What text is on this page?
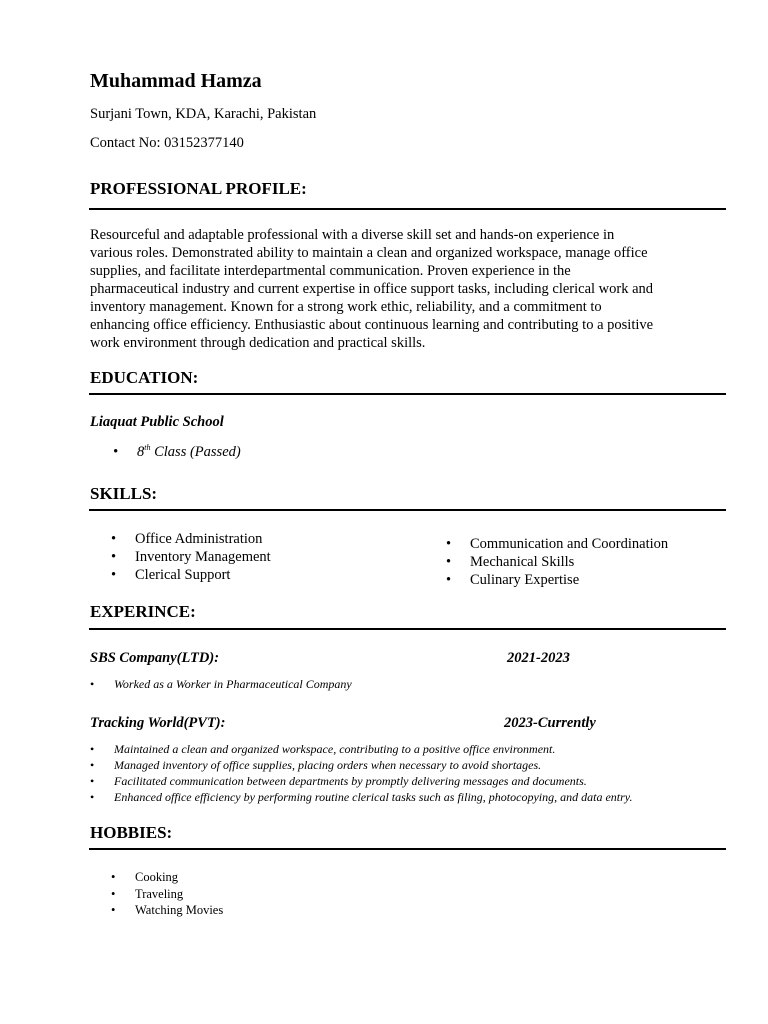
Muhammad Hamza
Surjani Town, KDA, Karachi, Pakistan
Contact No: 03152377140
PROFESSIONAL PROFILE:
Resourceful and adaptable professional with a diverse skill set and hands-on experience in
various roles. Demonstrated ability to maintain a clean and organized workspace, manage office
supplies, and facilitate interdepartmental communication. Proven experience in the
pharmaceutical industry and current expertise in office support tasks, including clerical work and
inventory management. Known for a strong work ethic, reliability, and a commitment to
enhancing office efficiency. Enthusiastic about continuous learning and contributing to a positive
work environment through dedication and practical skills.
EDUCATION:
Liaquat Public School
• 8th Class (Passed)
SKILLS:
• Office Administration
• Inventory Management
• Clerical Support
• Communication and Coordination
• Mechanical Skills
• Culinary Expertise
EXPERINCE:
SBS Company(LTD):	2021-2023
• Worked as a Worker in Pharmaceutical Company
Tracking World(PVT):	2023-Currently
• Maintained a clean and organized workspace, contributing to a positive office environment.
• Managed inventory of office supplies, placing orders when necessary to avoid shortages.
• Facilitated communication between departments by promptly delivering messages and documents.
• Enhanced office efficiency by performing routine clerical tasks such as filing, photocopying, and data entry.
HOBBIES:
• Cooking
• Traveling
• Watching Movies
